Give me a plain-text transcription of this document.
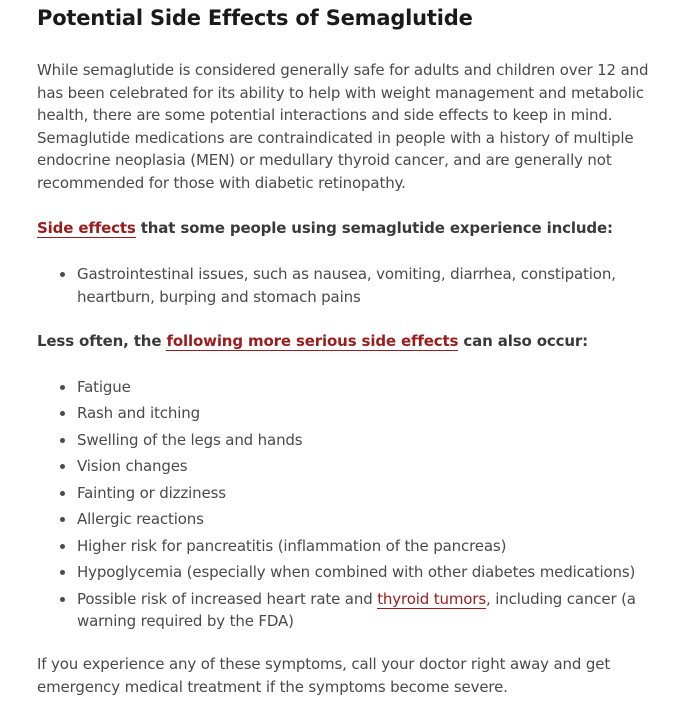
Potential Side Effects of Semaglutide

While semaglutide is considered generally safe for adults and children over 12 and has been celebrated for its ability to help with weight management and metabolic health, there are some potential interactions and side effects to keep in mind. Semaglutide medications are contraindicated in people with a history of multiple endocrine neoplasia (MEN) or medullary thyroid cancer, and are generally not recommended for those with diabetic retinopathy.

Side effects that some people using semaglutide experience include:

Gastrointestinal issues, such as nausea, vomiting, diarrhea, constipation, heartburn, burping and stomach pains

Less often, the following more serious side effects can also occur:

Fatigue
Rash and itching
Swelling of the legs and hands
Vision changes
Fainting or dizziness
Allergic reactions
Higher risk for pancreatitis (inflammation of the pancreas)
Hypoglycemia (especially when combined with other diabetes medications)
Possible risk of increased heart rate and thyroid tumors, including cancer (a warning required by the FDA)

If you experience any of these symptoms, call your doctor right away and get emergency medical treatment if the symptoms become severe.
